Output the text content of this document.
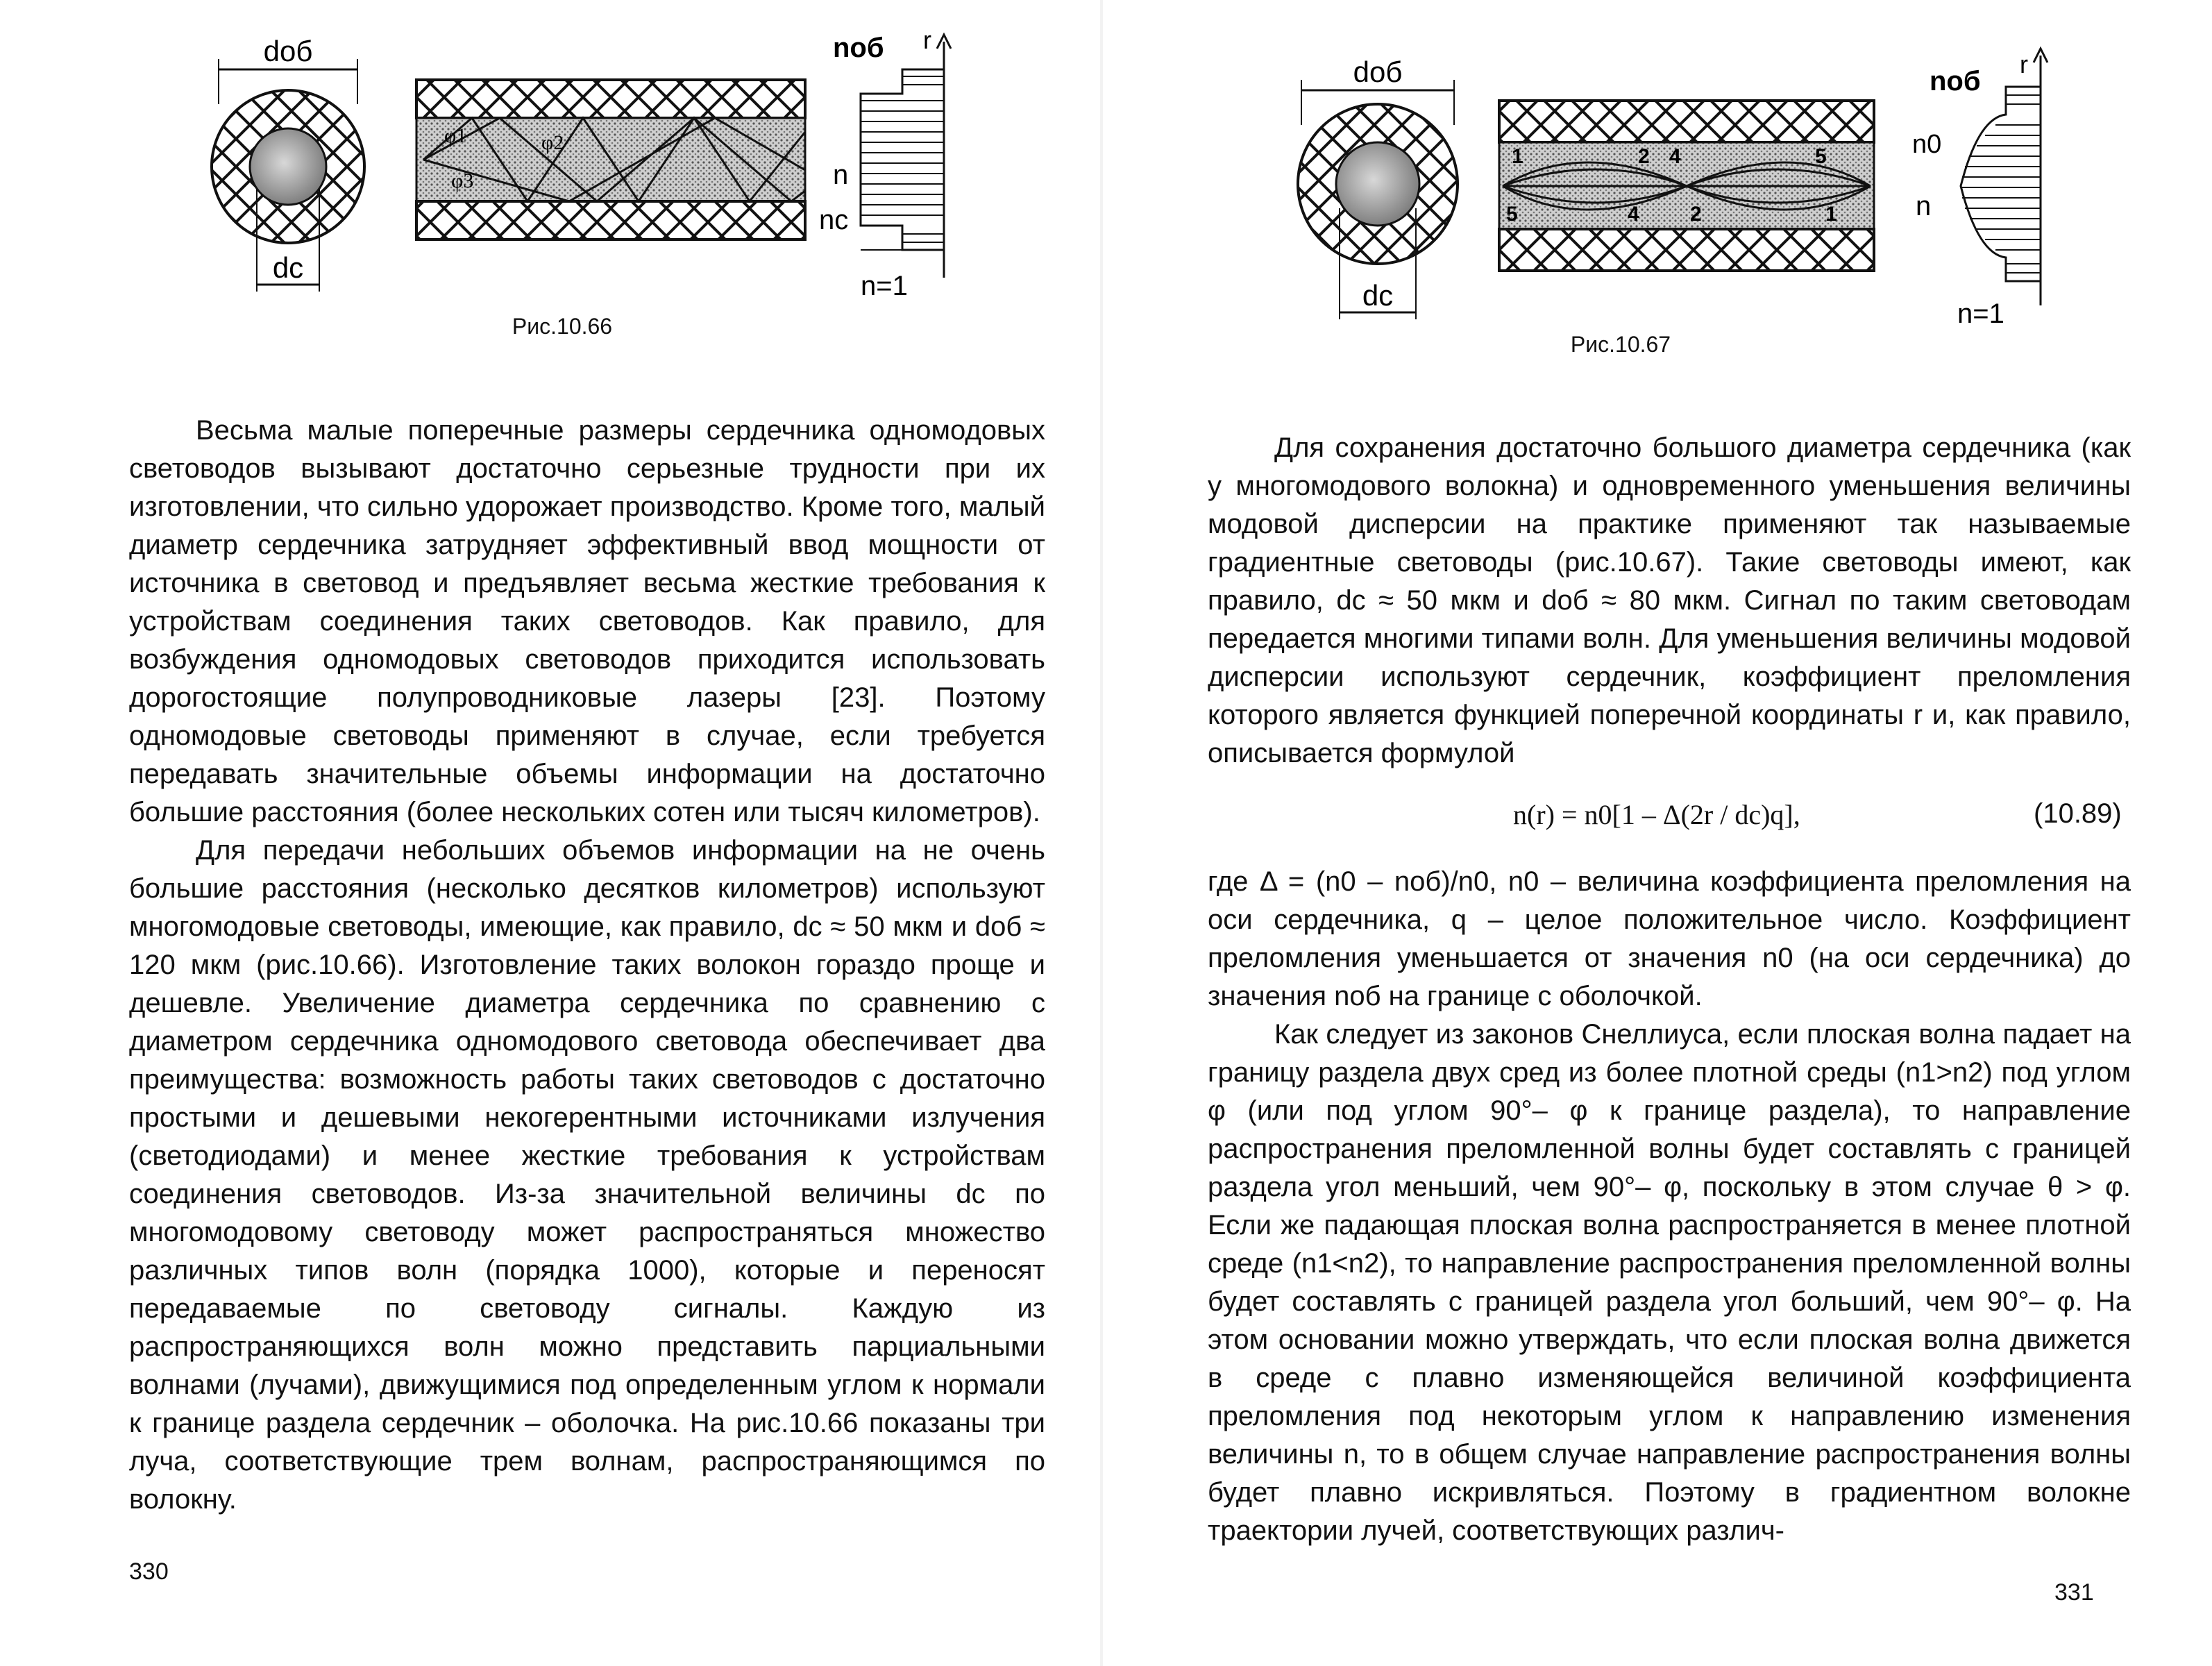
dоб
dс
φ1	φ2
φ3
nоб r
n
nс
n=1
Рис.10.66

Весьма малые поперечные размеры сердечника одномодовых световодов вызывают достаточно серьезные трудности при их изготовлении, что сильно удорожает производство. Кроме того, малый диаметр сердечника затрудняет эффективный ввод мощности от источника в световод и предъявляет весьма жесткие требования к устройствам соединения таких световодов. Как правило, для возбуждения одномодовых световодов приходится использовать дорогостоящие полупроводниковые лазеры [23]. Поэтому одномодовые световоды применяют в случае, если требуется передавать значительные объемы информации на достаточно большие расстояния (более нескольких сотен или тысяч километров).

Для передачи небольших объемов информации на не очень большие расстояния (несколько десятков километров) используют многомодовые световоды, имеющие, как правило, dс ≈ 50 мкм и dоб ≈ 120 мкм (рис.10.66). Изготовление таких волокон гораздо проще и дешевле. Увеличение диаметра сердечника по сравнению с диаметром сердечника одномодового световода обеспечивает два преимущества: возможность работы таких световодов с достаточно простыми и дешевыми некогерентными источниками излучения (светодиодами) и менее жесткие требования к устройствам соединения световодов. Из-за значительной величины dс по многомодовому световоду может распространяться множество различных типов волн (порядка 1000), которые и переносят передаваемые по световоду сигналы. Каждую из распространяющихся волн можно представить парциальными волнами (лучами), движущимися под определенным углом к нормали к границе раздела сердечник – оболочка. На рис.10.66 показаны три луча, соответствующие трем волнам, распространяющимся по волокну.

330
dоб
dс
1	2 4	5
5	4 2	1
nоб
r
n0
n
n=1
Рис.10.67

Для сохранения достаточно большого диаметра сердечника (как у многомодового волокна) и одновременного уменьшения величины модовой дисперсии на практике применяют так называемые градиентные световоды (рис.10.67). Такие световоды имеют, как правило, dс ≈ 50 мкм и dоб ≈ 80 мкм. Сигнал по таким световодам передается многими типами волн. Для уменьшения величины модовой дисперсии используют сердечник, коэффициент преломления которого является функцией поперечной координаты r и, как правило, описывается формулой

n(r) = n0[1 – Δ(2r / dс)q],	(10.89)

где Δ = (n0 – nоб)/n0, n0 – величина коэффициента преломления на оси сердечника, q – целое положительное число. Коэффициент преломления уменьшается от значения n0 (на оси сердечника) до значения nоб на границе с оболочкой.

Как следует из законов Снеллиуса, если плоская волна падает на границу раздела двух сред из более плотной среды (n1>n2) под углом φ (или под углом 90°– φ к границе раздела), то направление распространения преломленной волны будет составлять с границей раздела угол меньший, чем 90°– φ, поскольку в этом случае θ > φ. Если же падающая плоская волна распространяется в менее плотной среде (n1<n2), то направление распространения преломленной волны будет составлять с границей раздела угол больший, чем 90°– φ. На этом основании можно утверждать, что если плоская волна движется в среде с плавно изменяющейся величиной коэффициента преломления под некоторым углом к направлению изменения величины n, то в общем случае направление распространения волны будет плавно искривляться. Поэтому в градиентном волокне траектории лучей, соответствующих различ-

331
